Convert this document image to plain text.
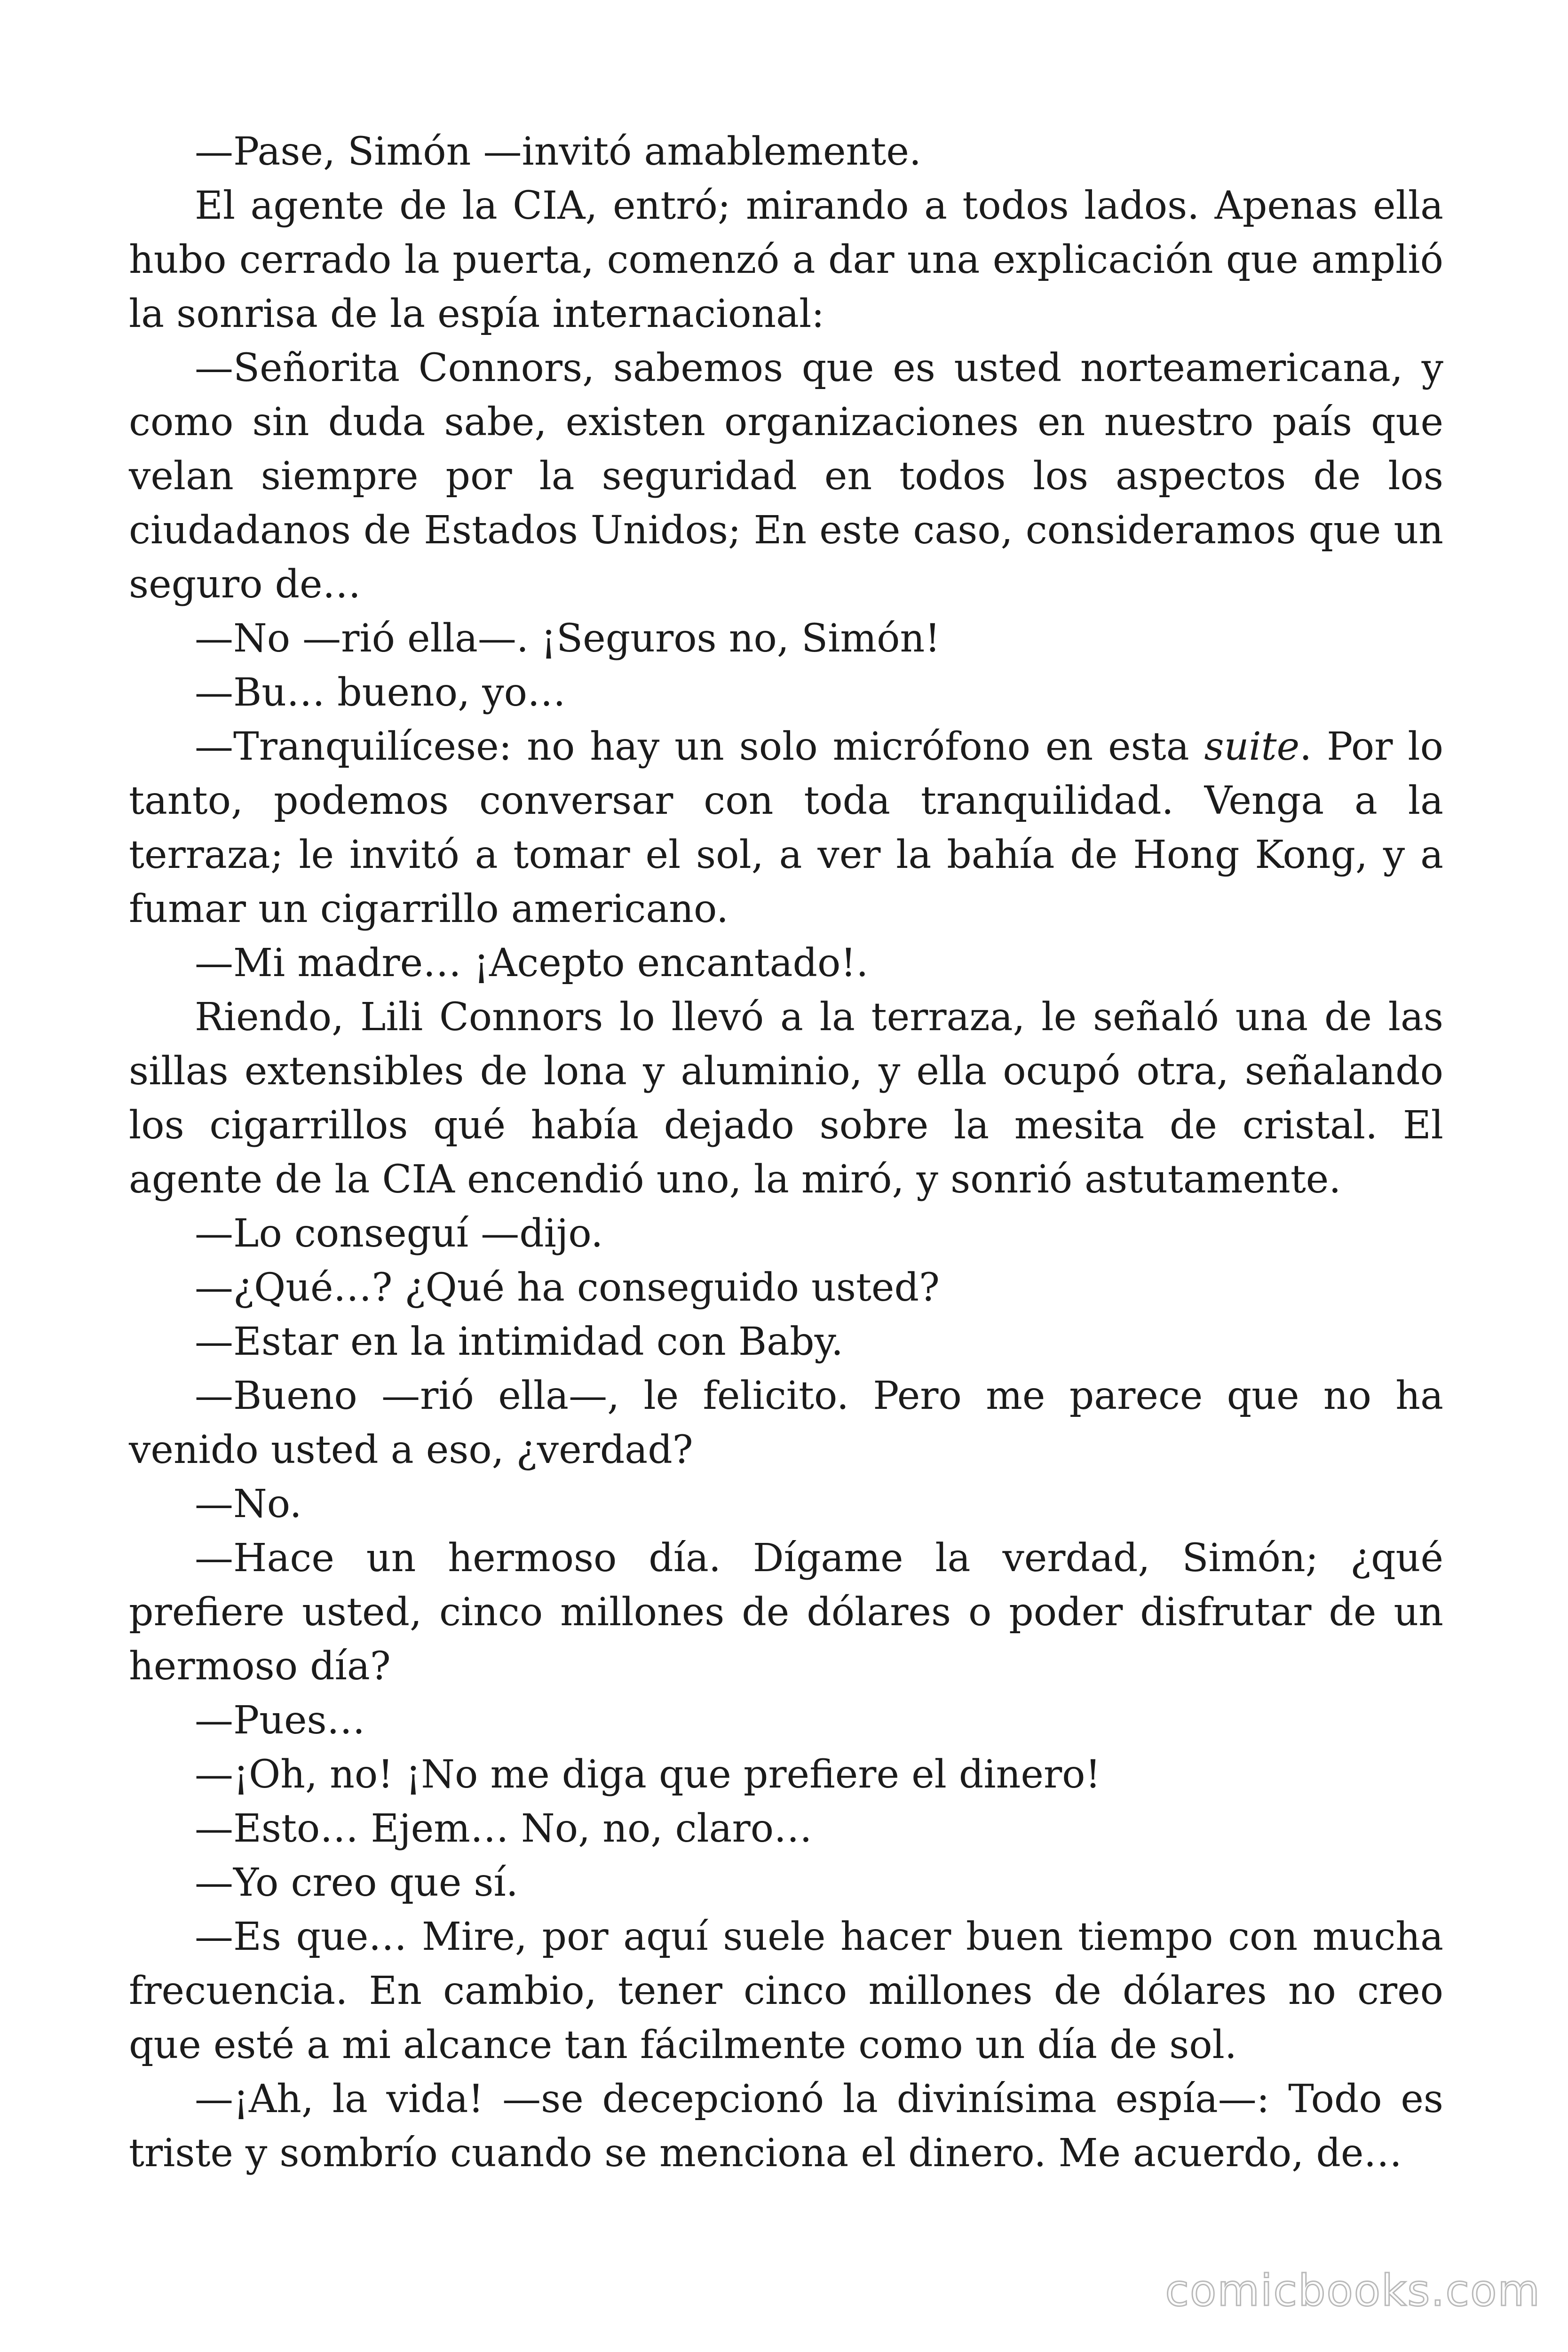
—Pase, Simón —invitó amablemente.

El agente de la CIA, entró; mirando a todos lados. Apenas ella hubo cerrado la puerta, comenzó a dar una explicación que amplió la sonrisa de la espía internacional:

—Señorita Connors, sabemos que es usted norteamericana, y como sin duda sabe, existen organizaciones en nuestro país que velan siempre por la seguridad en todos los aspectos de los ciudadanos de Estados Unidos; En este caso, consideramos que un seguro de…

—No —rió ella—. ¡Seguros no, Simón!

—Bu… bueno, yo…

—Tranquilícese: no hay un solo micrófono en esta suite. Por lo tanto, podemos conversar con toda tranquilidad. Venga a la terraza; le invitó a tomar el sol, a ver la bahía de Hong Kong, y a fumar un cigarrillo americano.

—Mi madre… ¡Acepto encantado!.

Riendo, Lili Connors lo llevó a la terraza, le señaló una de las sillas extensibles de lona y aluminio, y ella ocupó otra, señalando los cigarrillos qué había dejado sobre la mesita de cristal. El agente de la CIA encendió uno, la miró, y sonrió astutamente.

—Lo conseguí —dijo.

—¿Qué…? ¿Qué ha conseguido usted?

—Estar en la intimidad con Baby.

—Bueno —rió ella—, le felicito. Pero me parece que no ha venido usted a eso, ¿verdad?

—No.

—Hace un hermoso día. Dígame la verdad, Simón; ¿qué prefiere usted, cinco millones de dólares o poder disfrutar de un hermoso día?

—Pues…

—¡Oh, no! ¡No me diga que prefiere el dinero!

—Esto… Ejem… No, no, claro…

—Yo creo que sí.

—Es que… Mire, por aquí suele hacer buen tiempo con mucha frecuencia. En cambio, tener cinco millones de dólares no creo que esté a mi alcance tan fácilmente como un día de sol.

—¡Ah, la vida! —se decepcionó la divinísima espía—: Todo es triste y sombrío cuando se menciona el dinero. Me acuerdo, de…

comicbooks.com
